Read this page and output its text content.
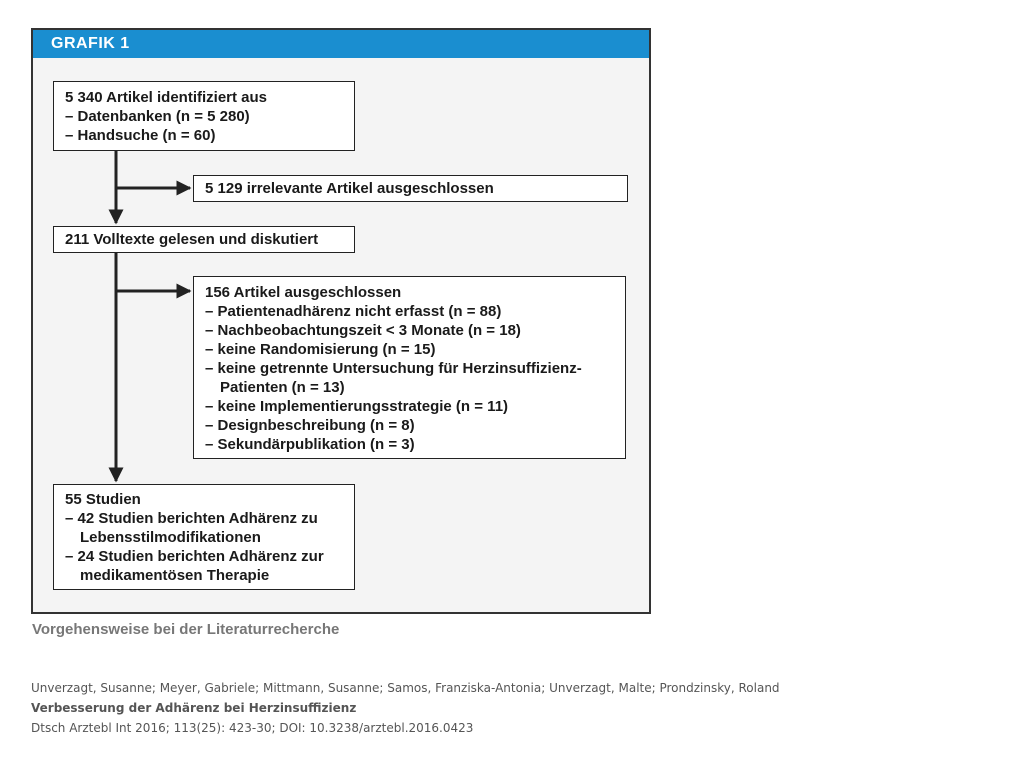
GRAFIK 1
5 340 Artikel identifiziert aus
– Datenbanken (n = 5 280)
– Handsuche (n = 60)
5 129 irrelevante Artikel ausgeschlossen
211 Volltexte gelesen und diskutiert
156 Artikel ausgeschlossen
– Patientenadhärenz nicht erfasst (n = 88)
– Nachbeobachtungszeit < 3 Monate (n = 18)
– keine Randomisierung (n = 15)
– keine getrennte Untersuchung für Herzinsuffizienz-
Patienten (n = 13)
– keine Implementierungsstrategie (n = 11)
– Designbeschreibung (n = 8)
– Sekundärpublikation (n = 3)
55 Studien
– 42 Studien berichten Adhärenz zu
Lebensstilmodifikationen
– 24 Studien berichten Adhärenz zur
medikamentösen Therapie
Vorgehensweise bei der Literaturrecherche
Unverzagt, Susanne; Meyer, Gabriele; Mittmann, Susanne; Samos, Franziska-Antonia; Unverzagt, Malte; Prondzinsky, Roland
Verbesserung der Adhärenz bei Herzinsuffizienz
Dtsch Arztebl Int 2016; 113(25): 423-30; DOI: 10.3238/arztebl.2016.0423
